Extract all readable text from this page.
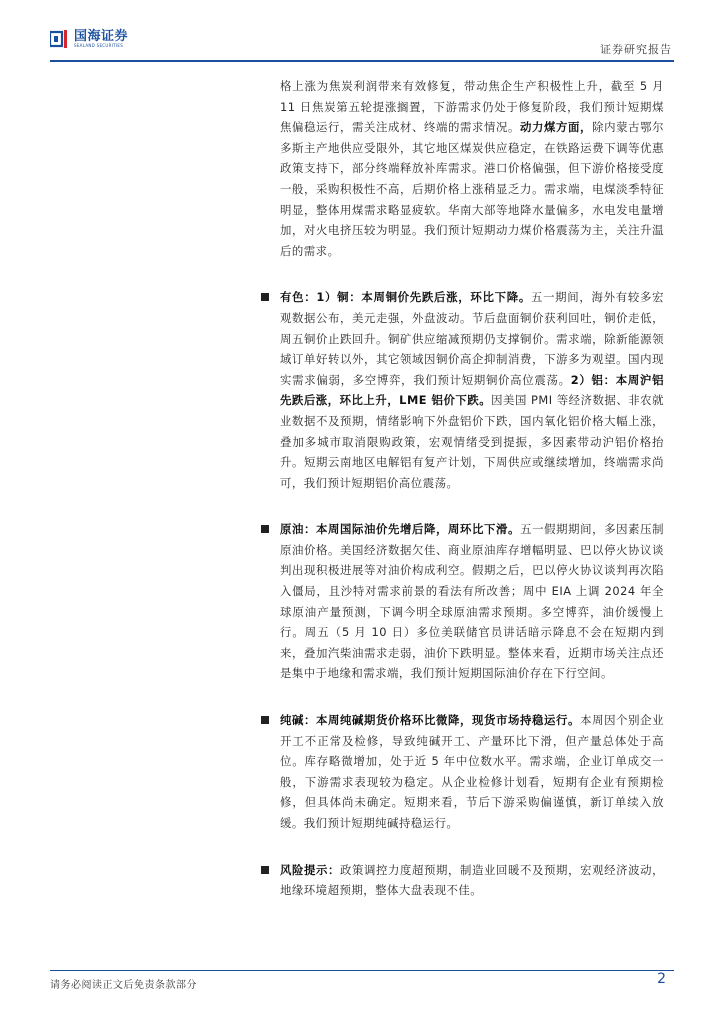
国海证券
SEALAND SECURITIES	证券研究报告
格上涨为焦炭利润带来有效修复，带动焦企生产积极性上升，截至 5 月 11 日焦炭第五轮提涨搁置，下游需求仍处于修复阶段，我们预计短期煤焦偏稳运行，需关注成材、终端的需求情况。动力煤方面，除内蒙古鄂尔多斯主产地供应受限外，其它地区煤炭供应稳定，在铁路运费下调等优惠政策支持下，部分终端释放补库需求。港口价格偏强，但下游价格接受度一般，采购积极性不高，后期价格上涨稍显乏力。需求端，电煤淡季特征明显，整体用煤需求略显疲软。华南大部等地降水量偏多，水电发电量增加，对火电挤压较为明显。我们预计短期动力煤价格震荡为主，关注升温后的需求。
有色：1）铜：本周铜价先跌后涨，环比下降。五一期间，海外有较多宏观数据公布，美元走强，外盘波动。节后盘面铜价获利回吐，铜价走低，周五铜价止跌回升。铜矿供应缩减预期仍支撑铜价。需求端，除新能源领域订单好转以外，其它领域因铜价高企抑制消费，下游多为观望。国内现实需求偏弱，多空博弈，我们预计短期铜价高位震荡。2）铝：本周沪铝先跌后涨，环比上升，LME 铝价下跌。因美国 PMI 等经济数据、非农就业数据不及预期，情绪影响下外盘铝价下跌，国内氧化铝价格大幅上涨，叠加多城市取消限购政策，宏观情绪受到提振，多因素带动沪铝价格抬升。短期云南地区电解铝有复产计划，下周供应或继续增加，终端需求尚可，我们预计短期铝价高位震荡。
原油：本周国际油价先增后降，周环比下滑。五一假期期间，多因素压制原油价格。美国经济数据欠佳、商业原油库存增幅明显、巴以停火协议谈判出现积极进展等对油价构成利空。假期之后，巴以停火协议谈判再次陷入僵局，且沙特对需求前景的看法有所改善；周中 EIA 上调 2024 年全球原油产量预测，下调今明全球原油需求预期。多空博弈，油价缓慢上行。周五（5 月 10 日）多位美联储官员讲话暗示降息不会在短期内到来，叠加汽柴油需求走弱，油价下跌明显。整体来看，近期市场关注点还是集中于地缘和需求端，我们预计短期国际油价存在下行空间。
纯碱：本周纯碱期货价格环比微降，现货市场持稳运行。本周因个别企业开工不正常及检修，导致纯碱开工、产量环比下滑，但产量总体处于高位。库存略微增加，处于近 5 年中位数水平。需求端，企业订单成交一般，下游需求表现较为稳定。从企业检修计划看，短期有企业有预期检修，但具体尚未确定。短期来看，节后下游采购偏谨慎，新订单续入放缓。我们预计短期纯碱持稳运行。
风险提示：政策调控力度超预期，制造业回暖不及预期，宏观经济波动，地缘环境超预期，整体大盘表现不佳。
请务必阅读正文后免责条款部分	2
